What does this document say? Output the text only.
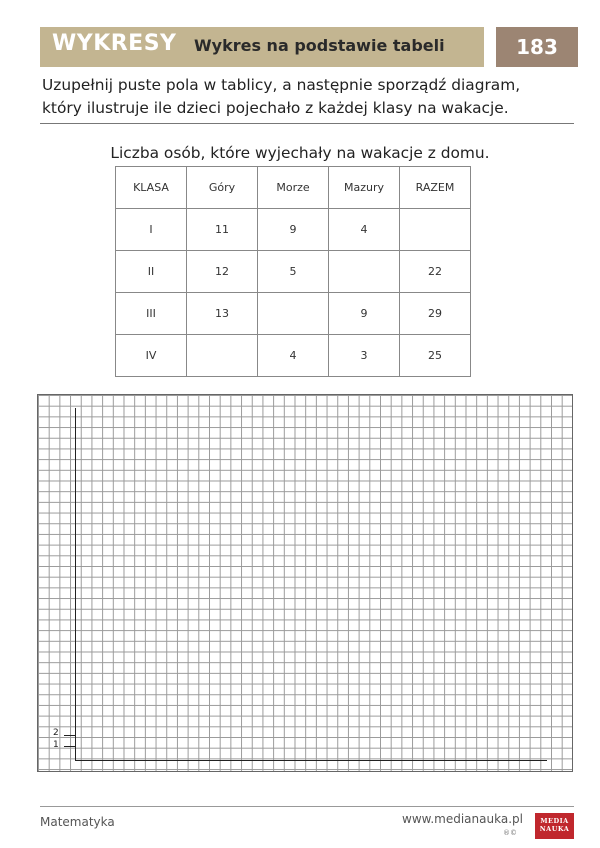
WYKRESY Wykres na podstawie tabeli	183
Uzupełnij puste pola w tablicy, a następnie sporządź diagram,
który ilustruje ile dzieci pojechało z każdej klasy na wakacje.
Liczba osób, które wyjechały na wakacje z domu.
KLASA	Góry	Morze	Mazury	RAZEM
I	11	9	4	
II	12	5		22
III	13		9	29
IV		4	3	25
2
1
Matematyka	www.medianauka.pl
®©
MEDIA
NAUKA
